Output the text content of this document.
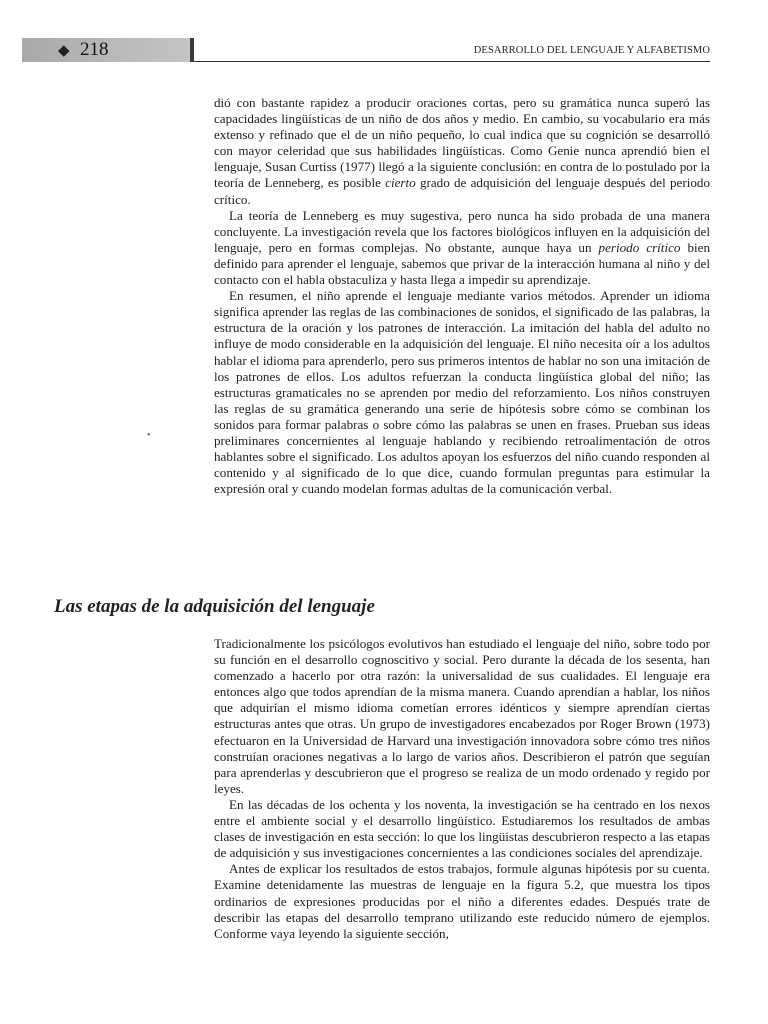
◆ 218	DESARROLLO DEL LENGUAJE Y ALFABETISMO
•

dió con bastante rapidez a producir oraciones cortas, pero su gramática nunca superó las capacidades lingüísticas de un niño de dos años y medio. En cambio, su vocabulario era más extenso y refinado que el de un niño pequeño, lo cual indica que su cognición se desarrolló con mayor celeridad que sus habilidades lingüísticas. Como Genie nunca aprendió bien el lenguaje, Susan Curtiss (1977) llegó a la siguiente conclusión: en contra de lo postulado por la teoría de Lenneberg, es posible cierto grado de adquisición del lenguaje después del periodo crítico.

La teoría de Lenneberg es muy sugestiva, pero nunca ha sido probada de una manera concluyente. La investigación revela que los factores biológicos influyen en la adquisición del lenguaje, pero en formas complejas. No obstante, aunque haya un periodo crítico bien definido para aprender el lenguaje, sabemos que privar de la interacción humana al niño y del contacto con el habla obstaculiza y hasta llega a impedir su aprendizaje.

En resumen, el niño aprende el lenguaje mediante varios métodos. Aprender un idioma significa aprender las reglas de las combinaciones de sonidos, el significado de las palabras, la estructura de la oración y los patrones de interacción. La imitación del habla del adulto no influye de modo considerable en la adquisición del lenguaje. El niño necesita oír a los adultos hablar el idioma para aprenderlo, pero sus primeros intentos de hablar no son una imitación de los patrones de ellos. Los adultos refuerzan la conducta lingüística global del niño; las estructuras gramaticales no se aprenden por medio del reforzamiento. Los niños construyen las reglas de su gramática generando una serie de hipótesis sobre cómo se combinan los sonidos para formar palabras o sobre cómo las palabras se unen en frases. Prueban sus ideas preliminares concernientes al lenguaje hablando y recibiendo retroalimentación de otros hablantes sobre el significado. Los adultos apoyan los esfuerzos del niño cuando responden al contenido y al significado de lo que dice, cuando formulan preguntas para estimular la expresión oral y cuando modelan formas adultas de la comunicación verbal.

Las etapas de la adquisición del lenguaje

Tradicionalmente los psicólogos evolutivos han estudiado el lenguaje del niño, sobre todo por su función en el desarrollo cognoscitivo y social. Pero durante la década de los sesenta, han comenzado a hacerlo por otra razón: la universalidad de sus cualidades. El lenguaje era entonces algo que todos aprendían de la misma manera. Cuando aprendían a hablar, los niños que adquirían el mismo idioma cometían errores idénticos y siempre aprendían ciertas estructuras antes que otras. Un grupo de investigadores encabezados por Roger Brown (1973) efectuaron en la Universidad de Harvard una investigación innovadora sobre cómo tres niños construían oraciones negativas a lo largo de varios años. Describieron el patrón que seguían para aprenderlas y descubrieron que el progreso se realiza de un modo ordenado y regido por leyes.

En las décadas de los ochenta y los noventa, la investigación se ha centrado en los nexos entre el ambiente social y el desarrollo lingüístico. Estudiaremos los resultados de ambas clases de investigación en esta sección: lo que los lingüistas descubrieron respecto a las etapas de adquisición y sus investigaciones concernientes a las condiciones sociales del aprendizaje.

Antes de explicar los resultados de estos trabajos, formule algunas hipótesis por su cuenta. Examine detenidamente las muestras de lenguaje en la figura 5.2, que muestra los tipos ordinarios de expresiones producidas por el niño a diferentes edades. Después trate de describir las etapas del desarrollo temprano utilizando este reducido número de ejemplos. Conforme vaya leyendo la siguiente sección,
